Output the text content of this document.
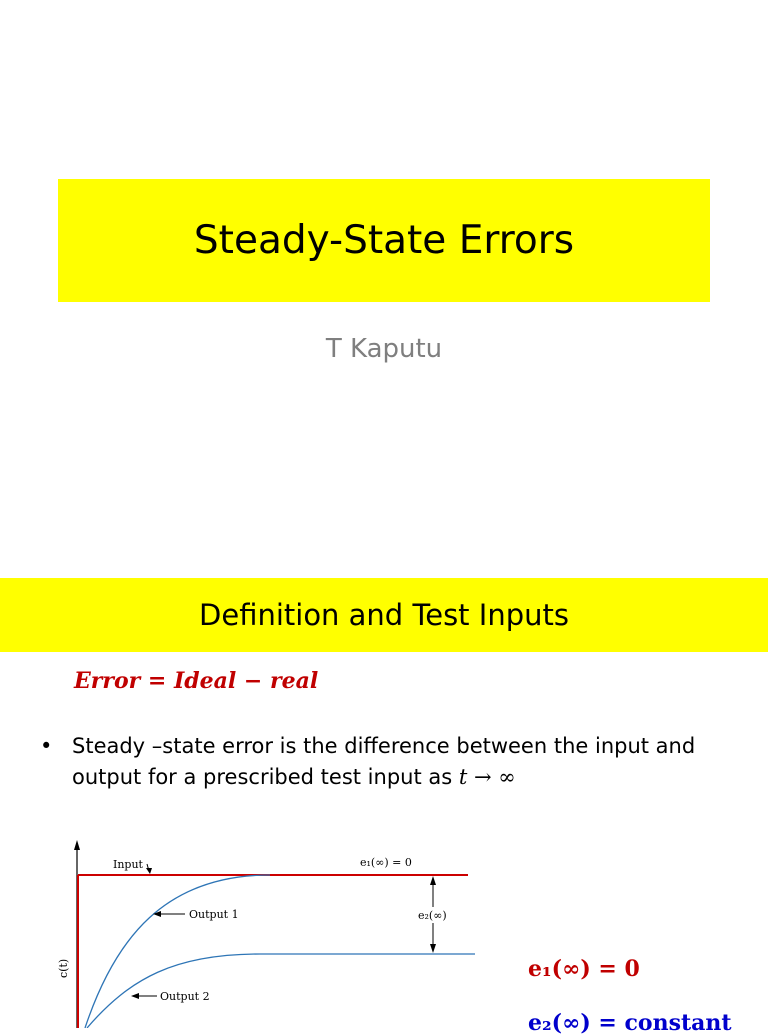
Steady-State Errors
T Kaputu
Definition and Test Inputs
Error = Ideal − real
• Steady –state error is the difference between the input and output for a prescribed test input as t → ∞
c(t)
Input
Output 1
Output 2
e₁(∞) = 0
e₂(∞)
e₁(∞) = 0
e₂(∞) = constant
